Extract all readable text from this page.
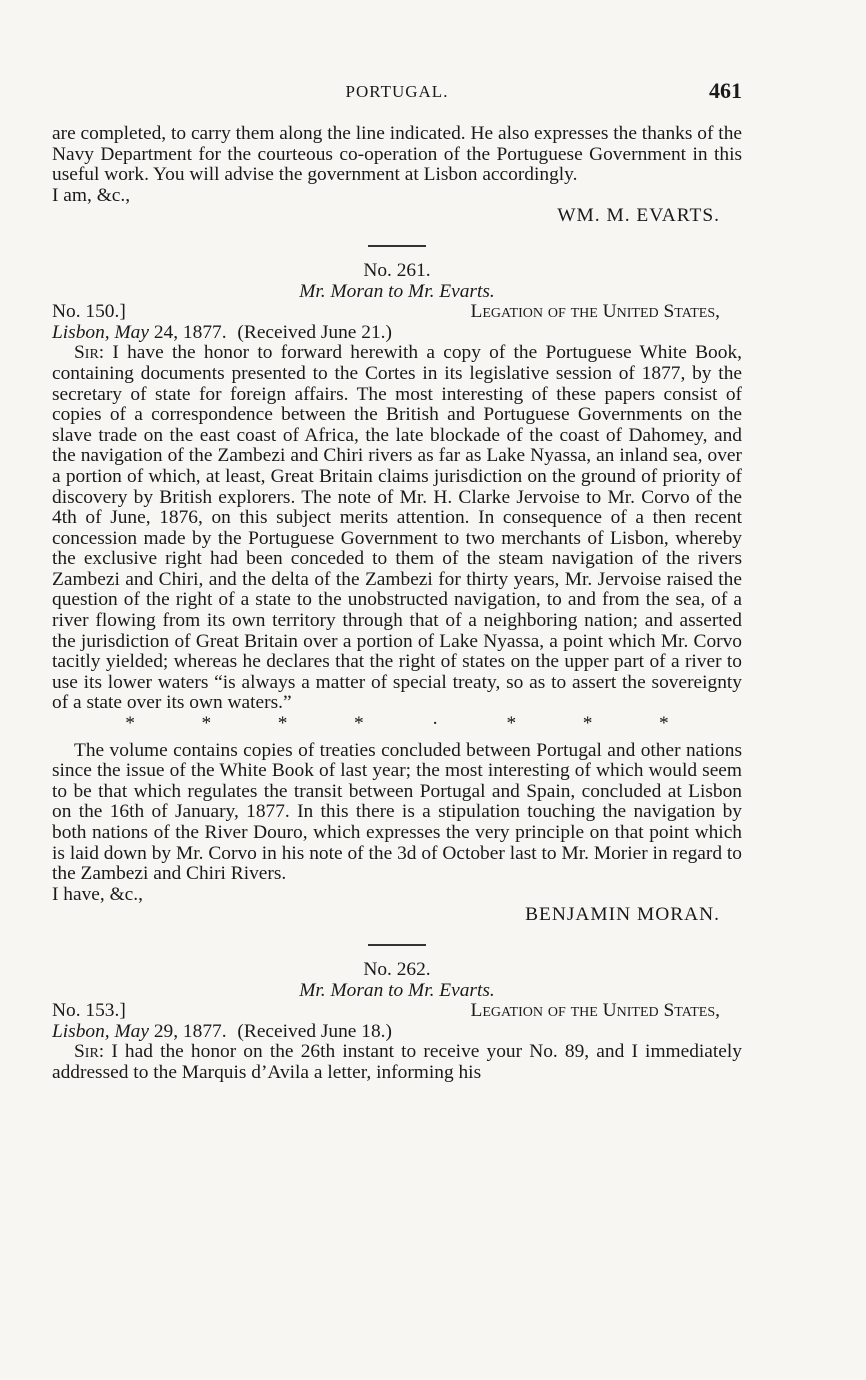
PORTUGAL.	461

are completed, to carry them along the line indicated. He also expresses the thanks of the Navy Department for the courteous co-operation of the Portuguese Government in this useful work. You will advise the government at Lisbon accordingly.

I am, &c.,

WM. M. EVARTS.

No. 261.

Mr. Moran to Mr. Evarts.

No. 150.]	Legation of the United States,

Lisbon, May 24, 1877. (Received June 21.)

Sir: I have the honor to forward herewith a copy of the Portuguese White Book, containing documents presented to the Cortes in its legislative session of 1877, by the secretary of state for foreign affairs. The most interesting of these papers consist of copies of a correspondence between the British and Portuguese Governments on the slave trade on the east coast of Africa, the late blockade of the coast of Dahomey, and the navigation of the Zambezi and Chiri rivers as far as Lake Nyassa, an inland sea, over a portion of which, at least, Great Britain claims jurisdiction on the ground of priority of discovery by British explorers. The note of Mr. H. Clarke Jervoise to Mr. Corvo of the 4th of June, 1876, on this subject merits attention. In consequence of a then recent concession made by the Portuguese Government to two merchants of Lisbon, whereby the exclusive right had been conceded to them of the steam navigation of the rivers Zambezi and Chiri, and the delta of the Zambezi for thirty years, Mr. Jervoise raised the question of the right of a state to the unobstructed navigation, to and from the sea, of a river flowing from its own territory through that of a neighboring nation; and asserted the jurisdiction of Great Britain over a portion of Lake Nyassa, a point which Mr. Corvo tacitly yielded; whereas he declares that the right of states on the upper part of a river to use its lower waters “is always a matter of special treaty, so as to assert the sovereignty of a state over its own waters.”

*	*	*	*	·	*	*	*

The volume contains copies of treaties concluded between Portugal and other nations since the issue of the White Book of last year; the most interesting of which would seem to be that which regulates the transit between Portugal and Spain, concluded at Lisbon on the 16th of January, 1877. In this there is a stipulation touching the navigation by both nations of the River Douro, which expresses the very principle on that point which is laid down by Mr. Corvo in his note of the 3d of October last to Mr. Morier in regard to the Zambezi and Chiri Rivers.

I have, &c.,

BENJAMIN MORAN.

No. 262.

Mr. Moran to Mr. Evarts.

No. 153.]	Legation of the United States,

Lisbon, May 29, 1877. (Received June 18.)

Sir: I had the honor on the 26th instant to receive your No. 89, and I immediately addressed to the Marquis d’Avila a letter, informing his
